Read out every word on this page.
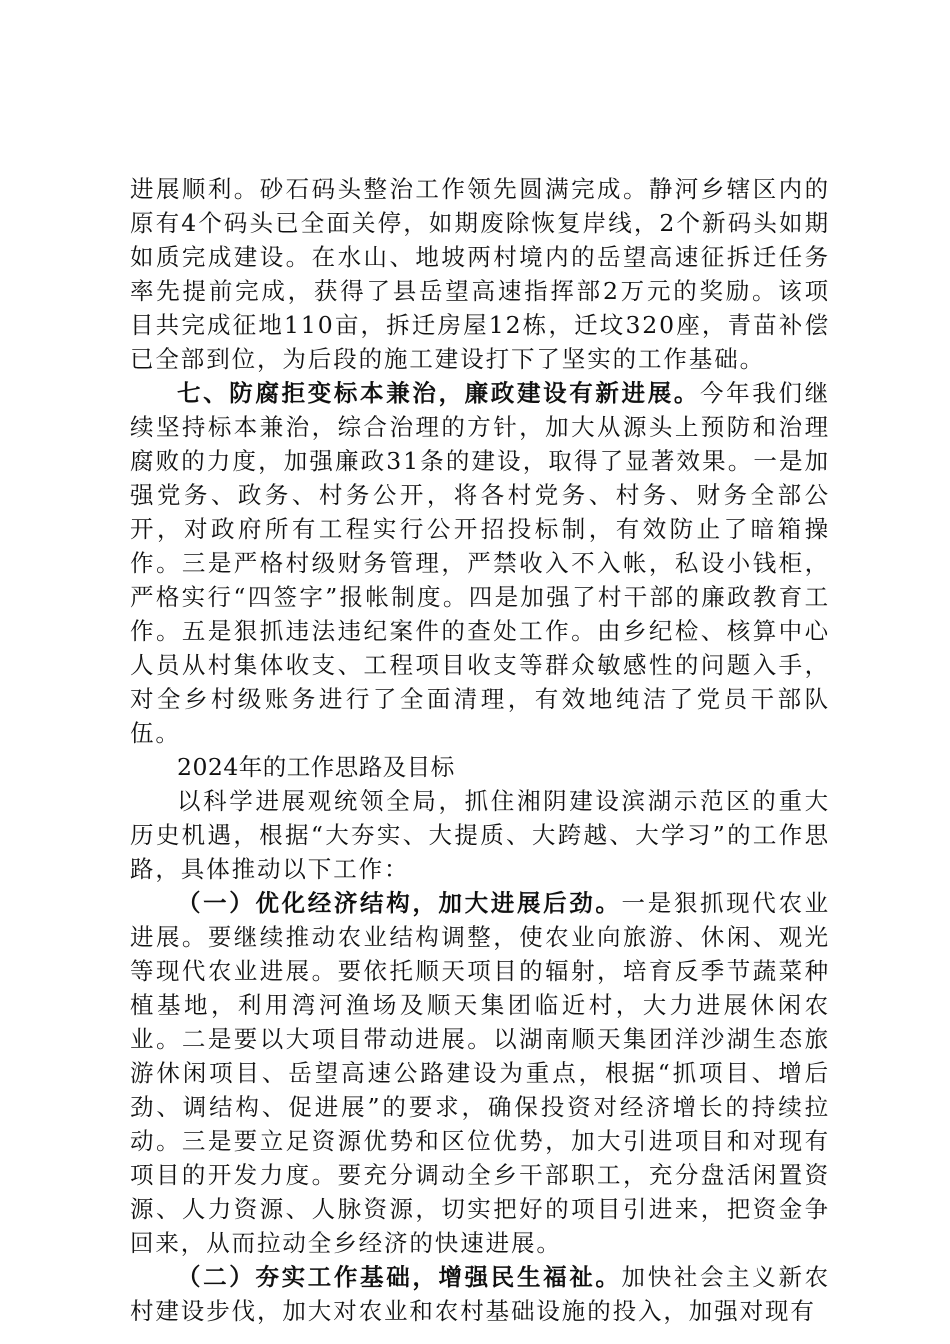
进展顺利。砂石码头整治工作领先圆满完成。静河乡辖区内的原有4个码头已全面关停，如期废除恢复岸线，2个新码头如期如质完成建设。在水山、地坡两村境内的岳望高速征拆迁任务率先提前完成，获得了县岳望高速指挥部2万元的奖励。该项目共完成征地110亩，拆迁房屋12栋，迁坟320座，青苗补偿已全部到位，为后段的施工建设打下了坚实的工作基础。

七、防腐拒变标本兼治，廉政建设有新进展。今年我们继续坚持标本兼治，综合治理的方针，加大从源头上预防和治理腐败的力度，加强廉政31条的建设，取得了显著效果。一是加强党务、政务、村务公开，将各村党务、村务、财务全部公开，对政府所有工程实行公开招投标制，有效防止了暗箱操作。三是严格村级财务管理，严禁收入不入帐，私设小钱柜，严格实行“四签字”报帐制度。四是加强了村干部的廉政教育工作。五是狠抓违法违纪案件的查处工作。由乡纪检、核算中心人员从村集体收支、工程项目收支等群众敏感性的问题入手，对全乡村级账务进行了全面清理，有效地纯洁了党员干部队伍。

2024年的工作思路及目标

以科学进展观统领全局，抓住湘阴建设滨湖示范区的重大历史机遇，根据“大夯实、大提质、大跨越、大学习”的工作思路，具体推动以下工作：

（一）优化经济结构，加大进展后劲。一是狠抓现代农业进展。要继续推动农业结构调整，使农业向旅游、休闲、观光等现代农业进展。要依托顺天项目的辐射，培育反季节蔬菜种植基地，利用湾河渔场及顺天集团临近村，大力进展休闲农业。二是要以大项目带动进展。以湖南顺天集团洋沙湖生态旅游休闲项目、岳望高速公路建设为重点，根据“抓项目、增后劲、调结构、促进展”的要求，确保投资对经济增长的持续拉动。三是要立足资源优势和区位优势，加大引进项目和对现有项目的开发力度。要充分调动全乡干部职工，充分盘活闲置资源、人力资源、人脉资源，切实把好的项目引进来，把资金争回来，从而拉动全乡经济的快速进展。

（二）夯实工作基础，增强民生福祉。加快社会主义新农村建设步伐，加大对农业和农村基础设施的投入，加强对现有
